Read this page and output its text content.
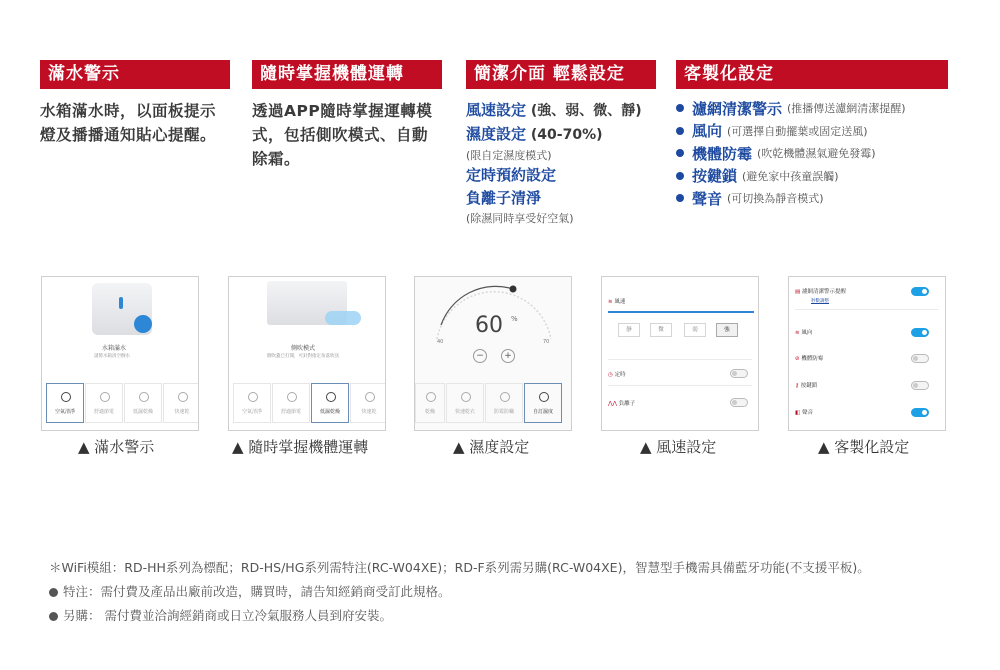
滿水警示
水箱滿水時，以面板提示燈及播播通知貼心提醒。
隨時掌握機體運轉
透過APP隨時掌握運轉模式，包括側吹模式、自動除霜。
簡潔介面 輕鬆設定
風速設定 (強、弱、微、靜)
濕度設定 (40-70%)
(限自定濕度模式)
定時預約設定
負離子清淨
(除濕同時享受好空氣)
客製化設定
濾網清潔警示 (推播傳送濾網清潔提醒)
風向 (可選擇自動擺葉或固定送風)
機體防霉 (吹乾機體濕氣避免發霉)
按鍵鎖 (避免家中孩童誤觸)
聲音 (可切換為靜音模式)
水箱滿水
請將水箱清空倒水
空氣清淨	舒適節電	低濕乾燥	快速乾
側吹模式
側吹蓋已打開，可針對指定角落吹送
空氣清淨	舒適節電	低濕乾燥	快速乾
60 %
40	70
−	+
乾燥	快速乾衣	防霉防蟎	自訂濕度
≋ 風速
靜	微	弱	強
◷ 定時
⋀⋀ 負離子
▤ 濾網清潔警示提醒
秒數調整
≋ 風向
⊘ 機體防霉
⚷ 按鍵鎖
◧ 聲音
▲ 滿水警示	▲ 隨時掌握機體運轉	▲ 濕度設定	▲ 風速設定	▲ 客製化設定
＊WiFi模組：RD-HH系列為標配；RD-HS/HG系列需特注(RC-W04XE)；RD-F系列需另購(RC-W04XE)，智慧型手機需具備藍牙功能(不支援平板)。
特注：需付費及產品出廠前改造，購買時，請告知經銷商受訂此規格。
另購： 需付費並洽詢經銷商或日立冷氣服務人員到府安裝。
